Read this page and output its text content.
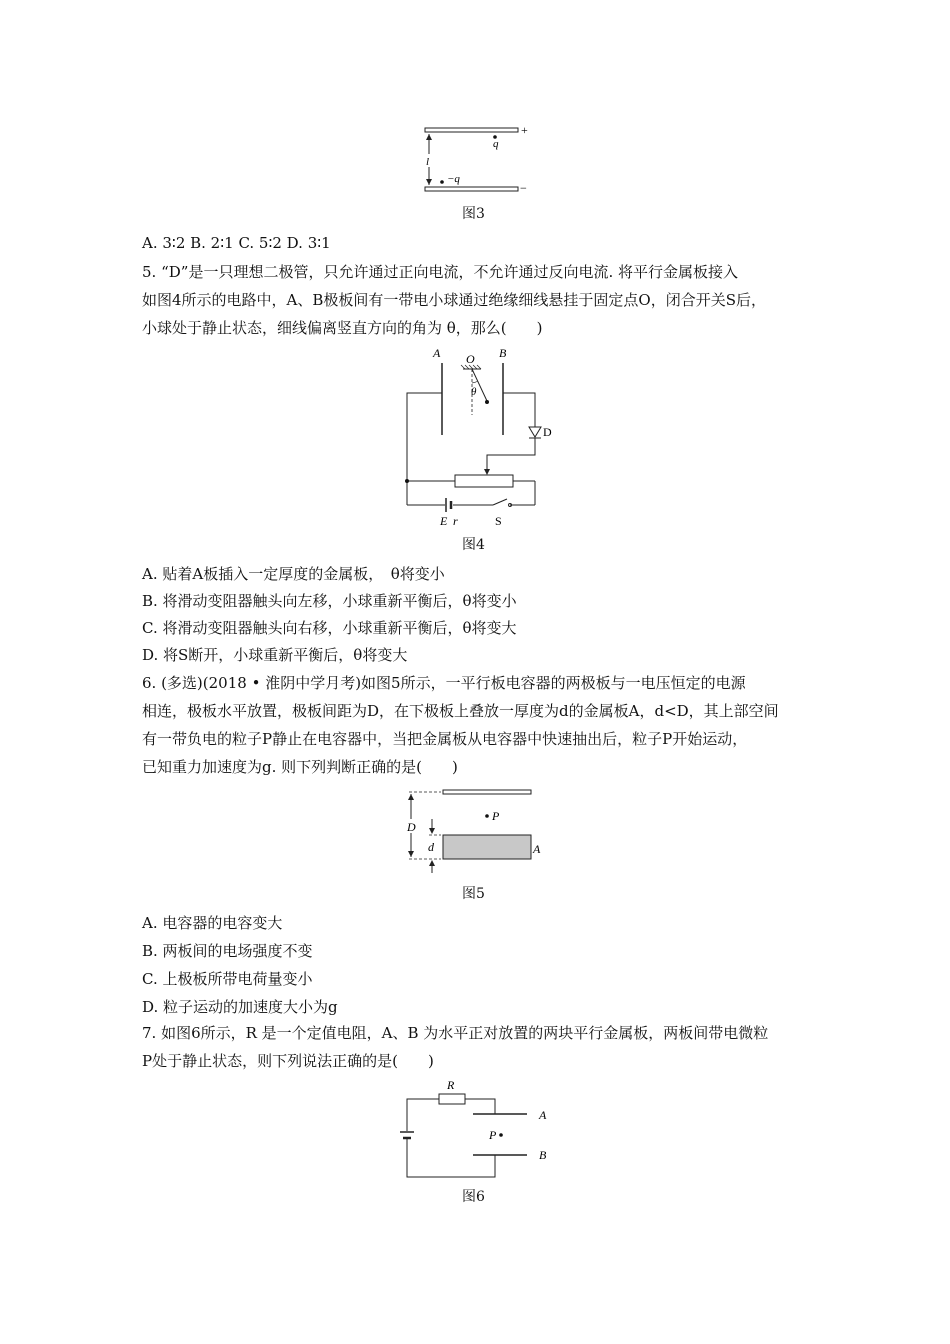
+
q
l
−q
−
图3
A. 3∶2 B. 2∶1 C. 5∶2 D. 3∶1
5. “D”是一只理想二极管，只允许通过正向电流，不允许通过反向电流. 将平行金属板接入
如图4所示的电路中，A、B极板间有一带电小球通过绝缘细线悬挂于固定点O，闭合开关S后，
小球处于静止状态，细线偏离竖直方向的角为 θ，那么(　　)
A	B
O
θ
D
E r	S
图4
A. 贴着A板插入一定厚度的金属板，　θ将变小
B. 将滑动变阻器触头向左移，小球重新平衡后，θ将变小
C. 将滑动变阻器触头向右移，小球重新平衡后，θ将变大
D. 将S断开，小球重新平衡后，θ将变大
6. (多选)(2018 • 淮阴中学月考)如图5所示，一平行板电容器的两极板与一电压恒定的电源
相连，极板水平放置，极板间距为D，在下极板上叠放一厚度为d的金属板A，d<D，其上部空间
有一带负电的粒子P静止在电容器中，当把金属板从电容器中快速抽出后，粒子P开始运动，
已知重力加速度为g. 则下列判断正确的是(　　)
D
d
P
A
图5
A. 电容器的电容变大
B. 两板间的电场强度不变
C. 上极板所带电荷量变小
D. 粒子运动的加速度大小为g
7. 如图6所示，R 是一个定值电阻，A、B 为水平正对放置的两块平行金属板，两板间带电微粒
P处于静止状态，则下列说法正确的是(　　)
R
A
P
B
图6
